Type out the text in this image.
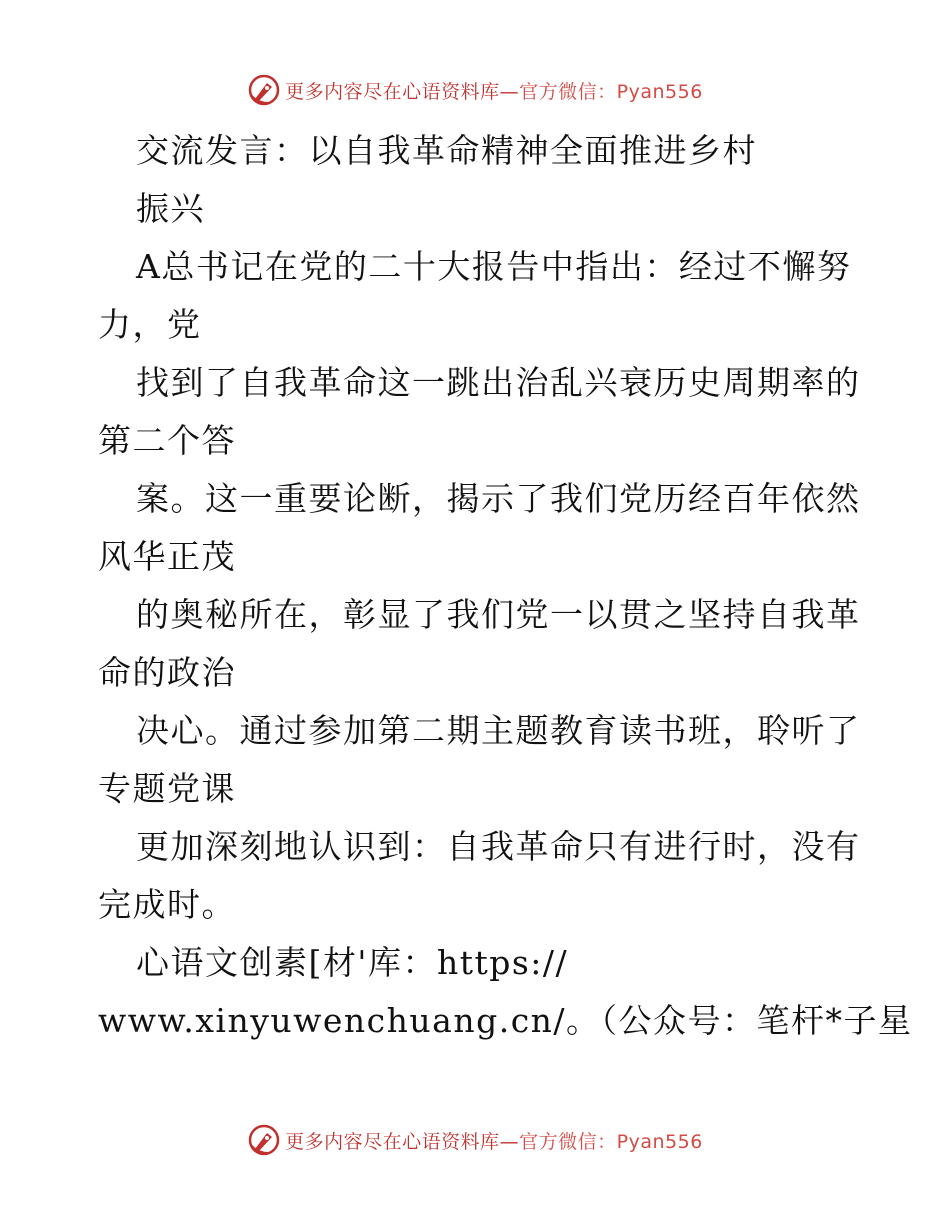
更多内容尽在心语资料库—官方微信：Pyan556
交流发言：以自我革命精神全面推进乡村
振兴
A总书记在党的二十大报告中指出：经过不懈努
力，党
找到了自我革命这一跳出治乱兴衰历史周期率的
第二个答
案。这一重要论断，揭示了我们党历经百年依然
风华正茂
的奥秘所在，彰显了我们党一以贯之坚持自我革
命的政治
决心。通过参加第二期主题教育读书班，聆听了
专题党课
更加深刻地认识到：自我革命只有进行时，没有
完成时。
心语文创素[材'库：https://
www.xinyuwenchuang.cn/。（公众号：笔杆*子星
更多内容尽在心语资料库—官方微信：Pyan556
